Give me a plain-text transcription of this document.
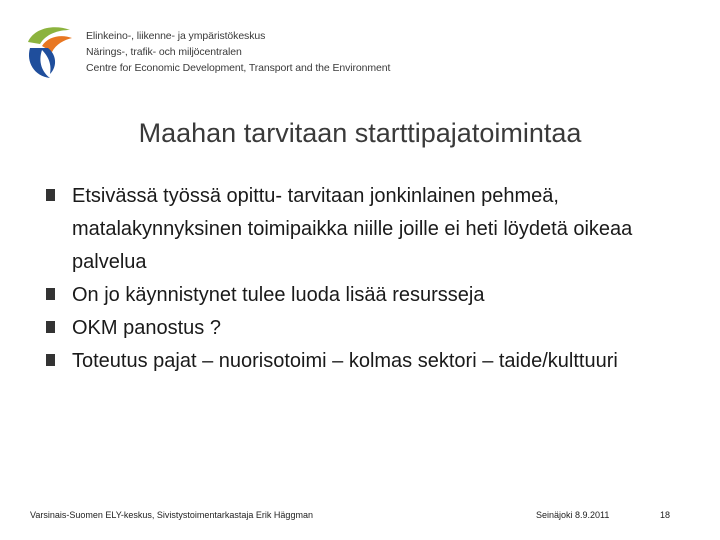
Elinkeino-, liikenne- ja ympäristökeskus
Närings-, trafik- och miljöcentralen
Centre for Economic Development, Transport and the Environment
Maahan tarvitaan starttipajatoimintaa
Etsivässä työssä opittu- tarvitaan jonkinlainen pehmeä, matalakynnyksinen toimipaikka niille joille ei heti löydetä oikeaa palvelua
On jo käynnistynet tulee luoda lisää resursseja
OKM panostus ?
Toteutus pajat – nuorisotoimi – kolmas sektori – taide/kulttuuri
Varsinais-Suomen ELY-keskus, Sivistystoimentarkastaja Erik Häggman	Seinäjoki 8.9.2011	18
